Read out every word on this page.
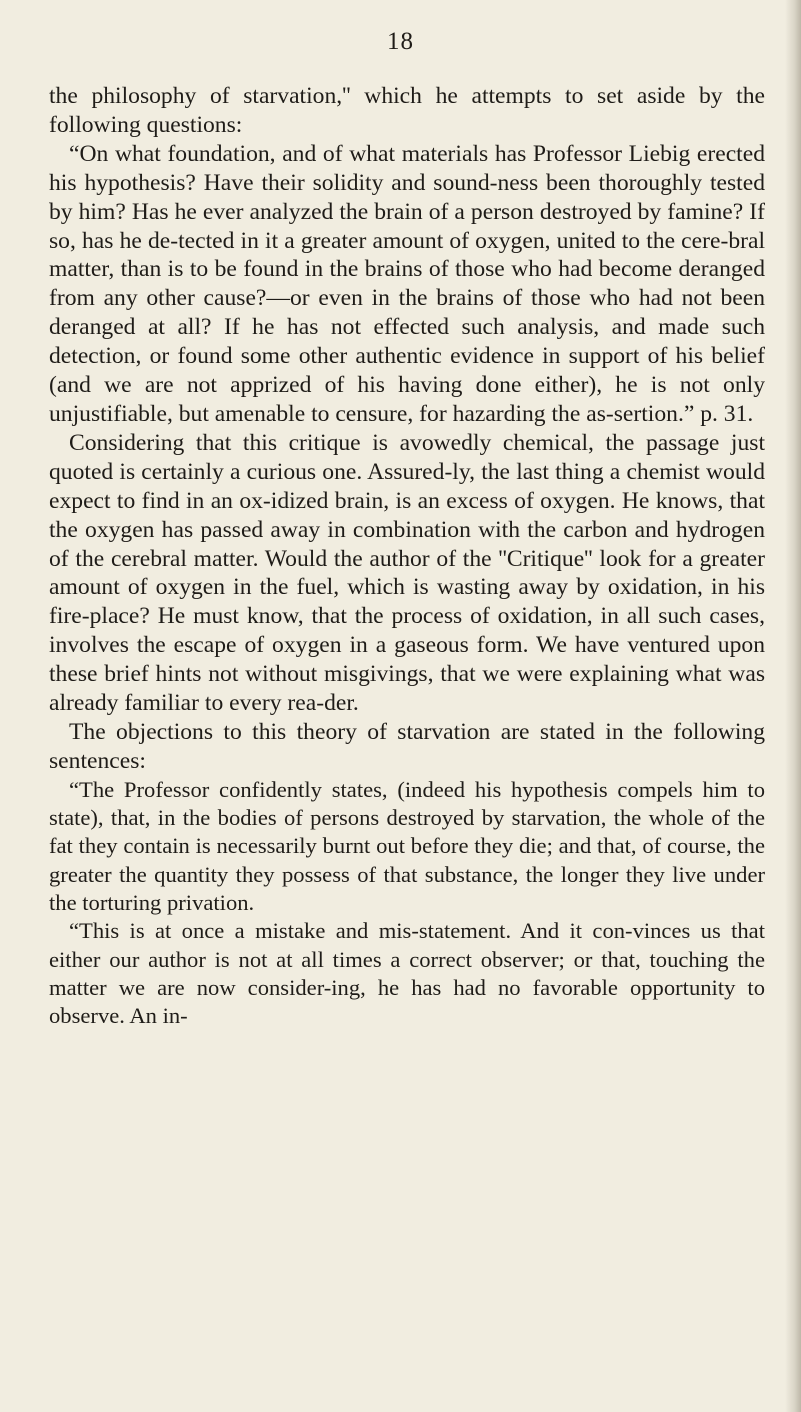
18

the philosophy of starvation,'' which he attempts to set aside by the following questions:

“On what foundation, and of what materials has Professor Liebig erected his hypothesis? Have their solidity and sound-ness been thoroughly tested by him? Has he ever analyzed the brain of a person destroyed by famine? If so, has he de-tected in it a greater amount of oxygen, united to the cere-bral matter, than is to be found in the brains of those who had become deranged from any other cause?—or even in the brains of those who had not been deranged at all? If he has not effected such analysis, and made such detection, or found some other authentic evidence in support of his belief (and we are not apprized of his having done either), he is not only unjustifiable, but amenable to censure, for hazarding the as-sertion.” p. 31.

Considering that this critique is avowedly chemical, the passage just quoted is certainly a curious one. Assured-ly, the last thing a chemist would expect to find in an ox-idized brain, is an excess of oxygen. He knows, that the oxygen has passed away in combination with the carbon and hydrogen of the cerebral matter. Would the author of the ''Critique'' look for a greater amount of oxygen in the fuel, which is wasting away by oxidation, in his fire-place? He must know, that the process of oxidation, in all such cases, involves the escape of oxygen in a gaseous form. We have ventured upon these brief hints not without misgivings, that we were explaining what was already familiar to every rea-der.

The objections to this theory of starvation are stated in the following sentences:

“The Professor confidently states, (indeed his hypothesis compels him to state), that, in the bodies of persons destroyed by starvation, the whole of the fat they contain is necessarily burnt out before they die; and that, of course, the greater the quantity they possess of that substance, the longer they live under the torturing privation.

“This is at once a mistake and mis-statement. And it con-vinces us that either our author is not at all times a correct observer; or that, touching the matter we are now consider-ing, he has had no favorable opportunity to observe. An in-
